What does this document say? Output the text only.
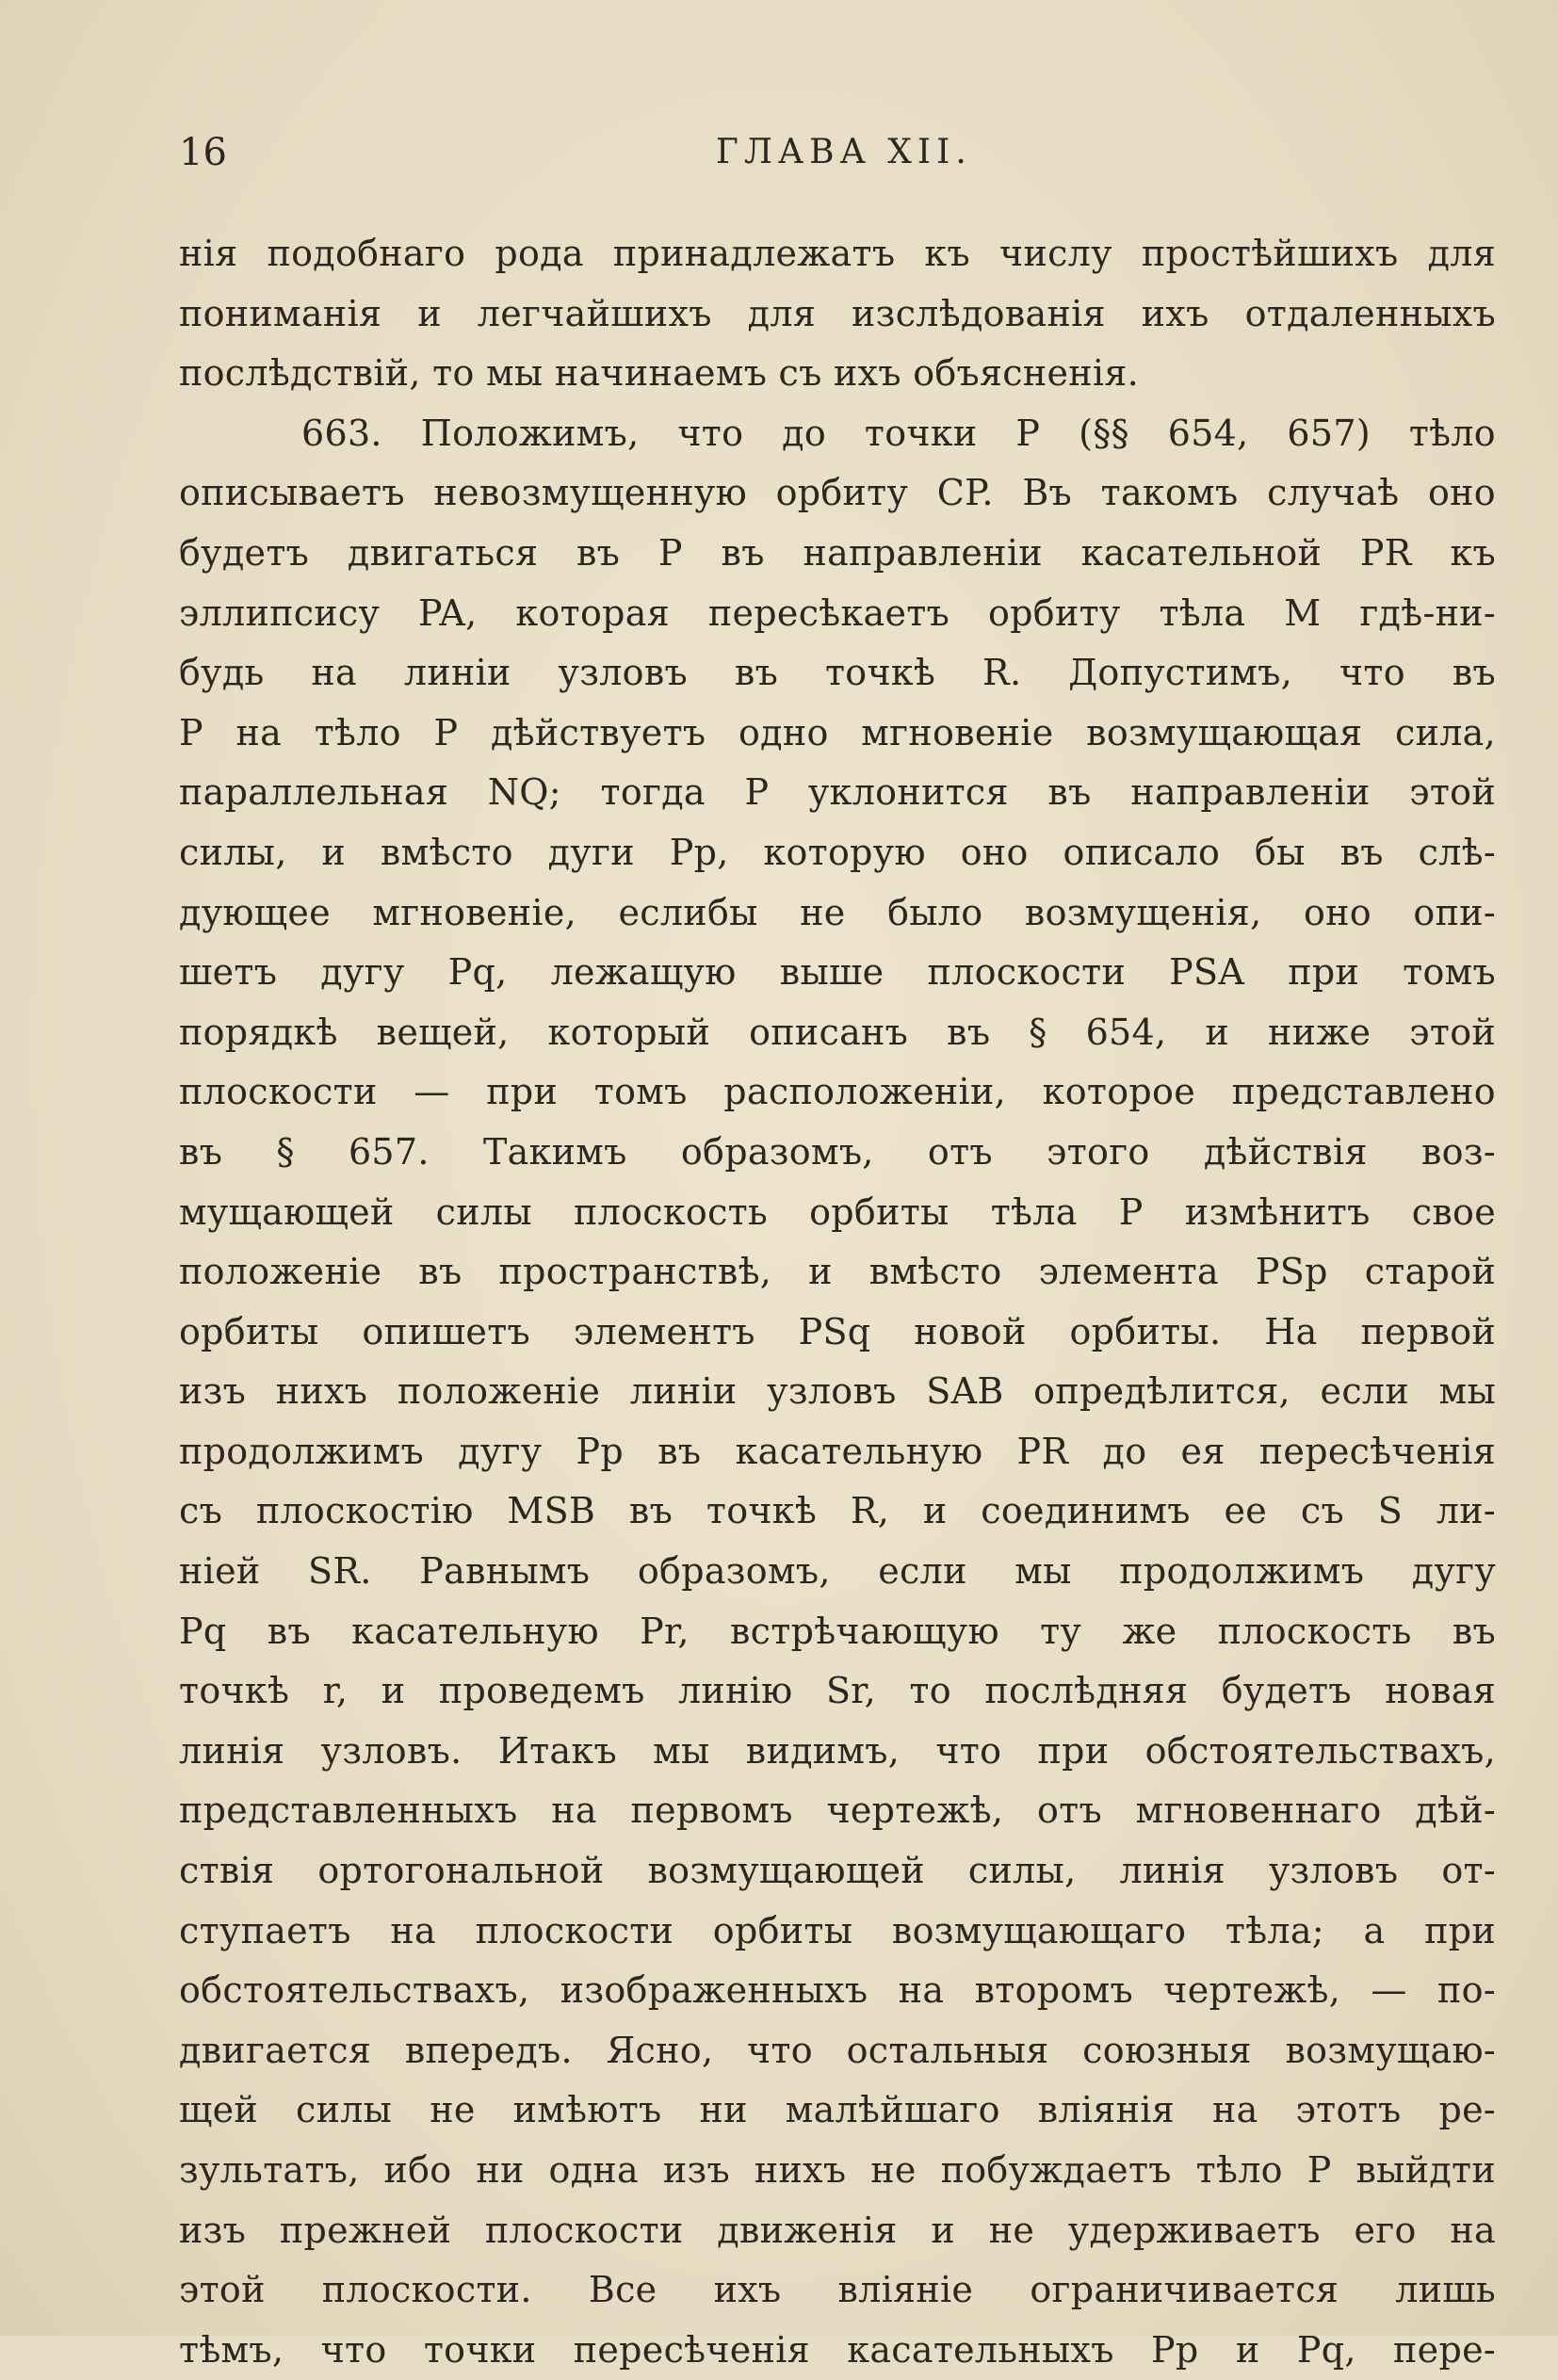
16	ГЛАВА XII.
нія подобнаго рода принадлежатъ къ числу простѣйшихъ для
пониманія и легчайшихъ для изслѣдованія ихъ отдаленныхъ
послѣдствій, то мы начинаемъ съ ихъ объясненія.
663. Положимъ, что до точки P (§§ 654, 657) тѣло
описываетъ невозмущенную орбиту CP. Въ такомъ случаѣ оно
будетъ двигаться въ P въ направленіи касательной PR къ
эллипсису PA, которая пересѣкаетъ орбиту тѣла M гдѣ-ни-
будь на линіи узловъ въ точкѣ R. Допустимъ, что въ
P на тѣло P дѣйствуетъ одно мгновеніе возмущающая сила,
параллельная NQ; тогда P уклонится въ направленіи этой
силы, и вмѣсто дуги Pp, которую оно описало бы въ слѣ-
дующее мгновеніе, еслибы не было возмущенія, оно опи-
шетъ дугу Pq, лежащую выше плоскости PSA при томъ
порядкѣ вещей, который описанъ въ § 654, и ниже этой
плоскости — при томъ расположеніи, которое представлено
въ § 657. Такимъ образомъ, отъ этого дѣйствія воз-
мущающей силы плоскость орбиты тѣла P измѣнитъ свое
положеніе въ пространствѣ, и вмѣсто элемента PSp старой
орбиты опишетъ элементъ PSq новой орбиты. На первой
изъ нихъ положеніе линіи узловъ SAB опредѣлится, если мы
продолжимъ дугу Pp въ касательную PR до ея пересѣченія
съ плоскостію MSB въ точкѣ R, и соединимъ ее съ S ли-
ніей SR. Равнымъ образомъ, если мы продолжимъ дугу
Pq въ касательную Pr, встрѣчающую ту же плоскость въ
точкѣ r, и проведемъ линію Sr, то послѣдняя будетъ новая
линія узловъ. Итакъ мы видимъ, что при обстоятельствахъ,
представленныхъ на первомъ чертежѣ, отъ мгновеннаго дѣй-
ствія ортогональной возмущающей силы, линія узловъ от-
ступаетъ на плоскости орбиты возмущающаго тѣла; а при
обстоятельствахъ, изображенныхъ на второмъ чертежѣ, — по-
двигается впередъ. Ясно, что остальныя союзныя возмущаю-
щей силы не имѣютъ ни малѣйшаго вліянія на этотъ ре-
зультатъ, ибо ни одна изъ нихъ не побуждаетъ тѣло P выйдти
изъ прежней плоскости движенія и не удерживаетъ его на
этой плоскости. Все ихъ вліяніе ограничивается лишь
тѣмъ, что точки пересѣченія касательныхъ Pp и Pq, пере-
